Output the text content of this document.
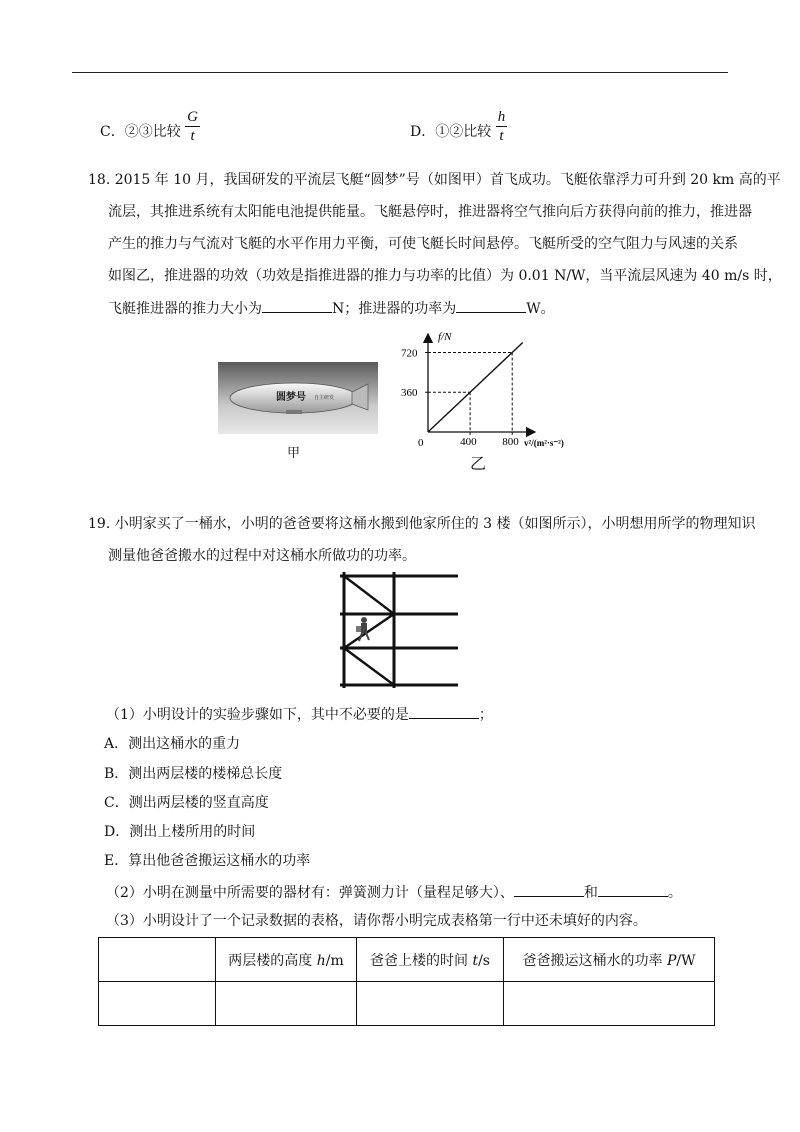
C．②③比较 $\frac{G}{t}$	D．①②比较 $\frac{h}{t}$
18. 2015 年 10 月，我国研发的平流层飞艇“圆梦”号（如图甲）首飞成功。飞艇依靠浮力可升到 20 km 高的平
流层，其推进系统有太阳能电池提供能量。飞艇悬停时，推进器将空气推向后方获得向前的推力，推进器
产生的推力与气流对飞艇的水平作用力平衡，可使飞艇长时间悬停。飞艇所受的空气阻力与风速的关系
如图乙，推进器的功效（功效是指推进器的推力与功率的比值）为 0.01 N/W，当平流层风速为 40 m/s 时，
飞艇推进器的推力大小为	N；推进器的功率为	W。
圆梦号 自主研发
甲
f/N
v²/(m²·s⁻²)
0	400 800
360
720
乙
19. 小明家买了一桶水，小明的爸爸要将这桶水搬到他家所住的 3 楼（如图所示），小明想用所学的物理知识
测量他爸爸搬水的过程中对这桶水所做功的功率。
（1）小明设计的实验步骤如下，其中不必要的是	；
A．测出这桶水的重力
B．测出两层楼的楼梯总长度
C．测出两层楼的竖直高度
D．测出上楼所用的时间
E．算出他爸爸搬运这桶水的功率
（2）小明在测量中所需要的器材有：弹簧测力计（量程足够大）、	和	。
（3）小明设计了一个记录数据的表格，请你帮小明完成表格第一行中还未填好的内容。
	两层楼的高度 h/m	爸爸上楼的时间 t/s	爸爸搬运这桶水的功率 P/W
